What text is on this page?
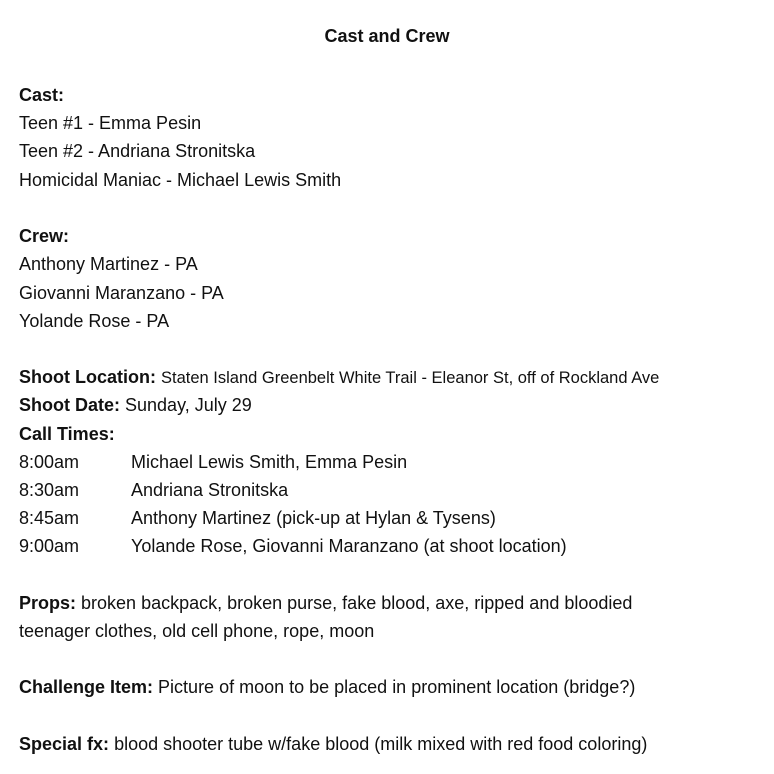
Cast and Crew
Cast:
Teen #1 - Emma Pesin
Teen #2 - Andriana Stronitska
Homicidal Maniac - Michael Lewis Smith
Crew:
Anthony Martinez - PA
Giovanni Maranzano - PA
Yolande Rose - PA
Shoot Location: Staten Island Greenbelt White Trail - Eleanor St, off of Rockland Ave
Shoot Date: Sunday, July 29
Call Times:
8:00am	Michael Lewis Smith, Emma Pesin
8:30am	Andriana Stronitska
8:45am	Anthony Martinez (pick-up at Hylan & Tysens)
9:00am	Yolande Rose, Giovanni Maranzano (at shoot location)
Props: broken backpack, broken purse, fake blood, axe, ripped and bloodied
teenager clothes, old cell phone, rope, moon
Challenge Item: Picture of moon to be placed in prominent location (bridge?)
Special fx: blood shooter tube w/fake blood (milk mixed with red food coloring)
